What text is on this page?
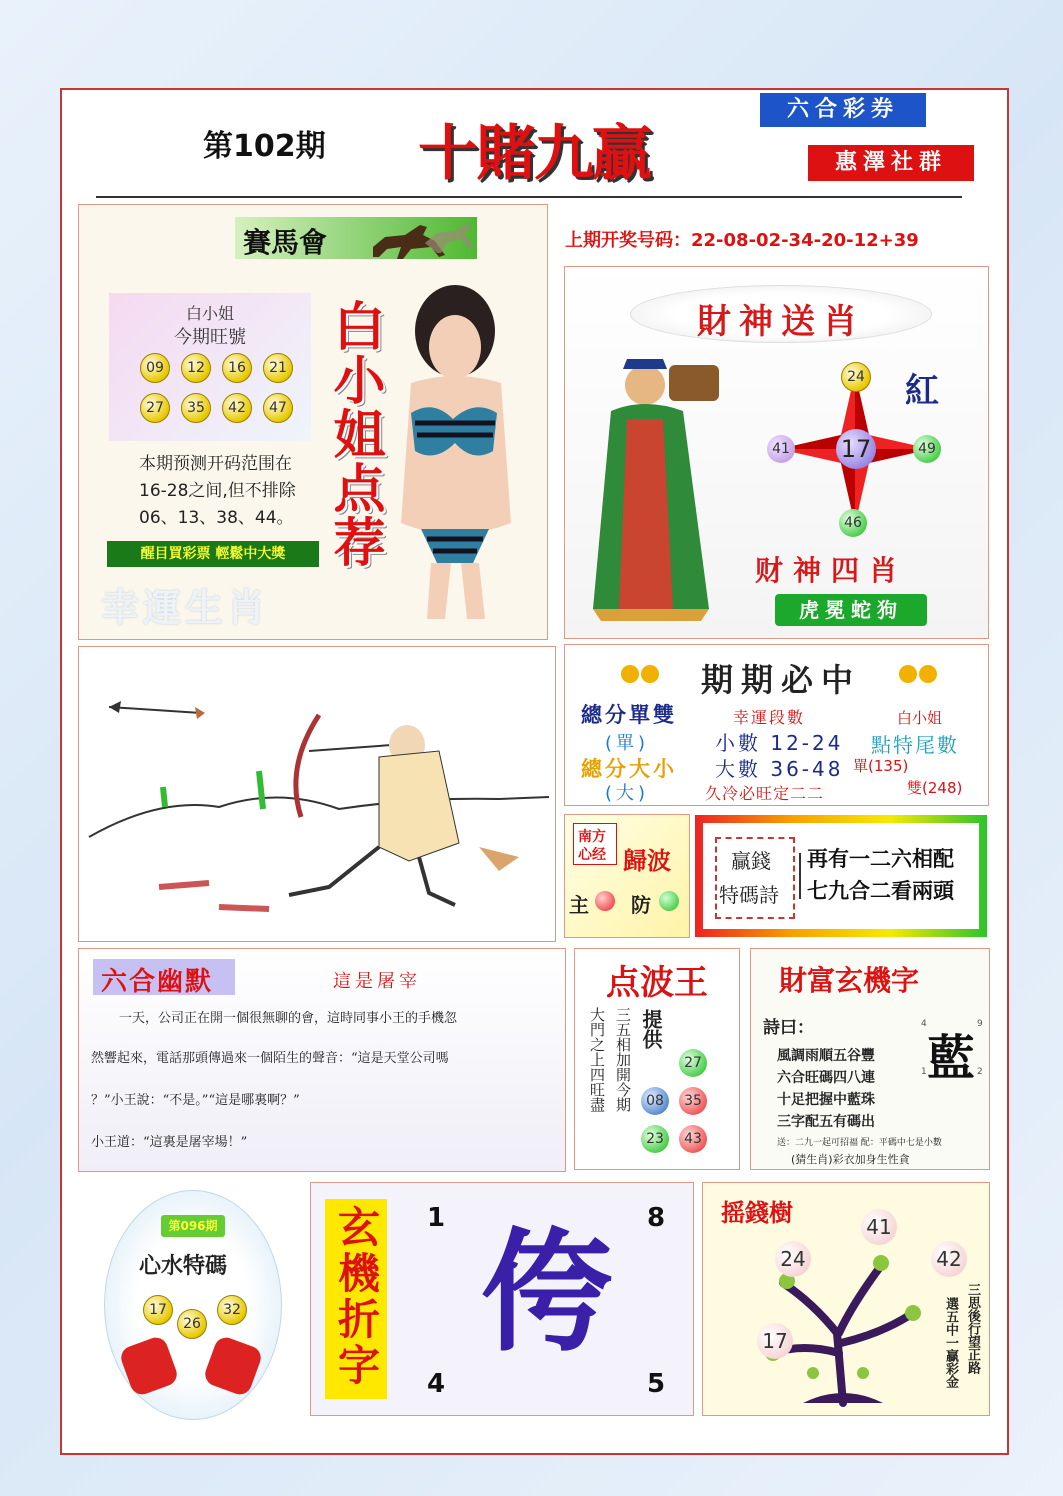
第102期 十賭九贏
六合彩券
惠澤社群
賽馬會
白小姐
今期旺號
09	12	16	21
27	35	42	47
本期预测开码范围在16-28之间,但不排除06、13、38、44。
醒目買彩票 輕鬆中大獎
幸運生肖
白小姐点荐
上期开奖号码：22-08-02-34-20-12+39
財神送肖
17
24
41	49
46
紅
财神四肖
虎冕蛇狗
期期必中
總分單雙
(單)
總分大小
(大)
幸運段數
小數 12-24
大數 36-48
久冷必旺定二二
白小姐
點特尾數
單(135)
雙(248)
南方
心经 歸波
主 防
贏錢
特碼詩
再有一二六相配
七九合二看兩頭
六合幽默	這是屠宰
一天，公司正在開一個很無聊的會，這時同事小王的手機忽
然響起來，電話那頭傳過來一個陌生的聲音：“這是天堂公司嗎
？”小王說：“不是。”“這是哪裏啊？”
小王道：“這裏是屠宰場！”
点波王
大門之上四旺盡 三五相加開今期 提供
27
08	35
23	43
財富玄機字
詩曰：
藍
4	9
1	2
風調雨順五谷豐
六合旺碼四八連
十足把握中藍珠
三字配五有碼出
送：二九一起可招福 配：平碼中七是小數
(猜生肖)彩衣加身生性貪
第096期
心水特碼
17
26
32 玄機折字 1	8
4	5
侉
摇錢樹	41
24	42
17	三思後行望正路
選五中一贏彩金
